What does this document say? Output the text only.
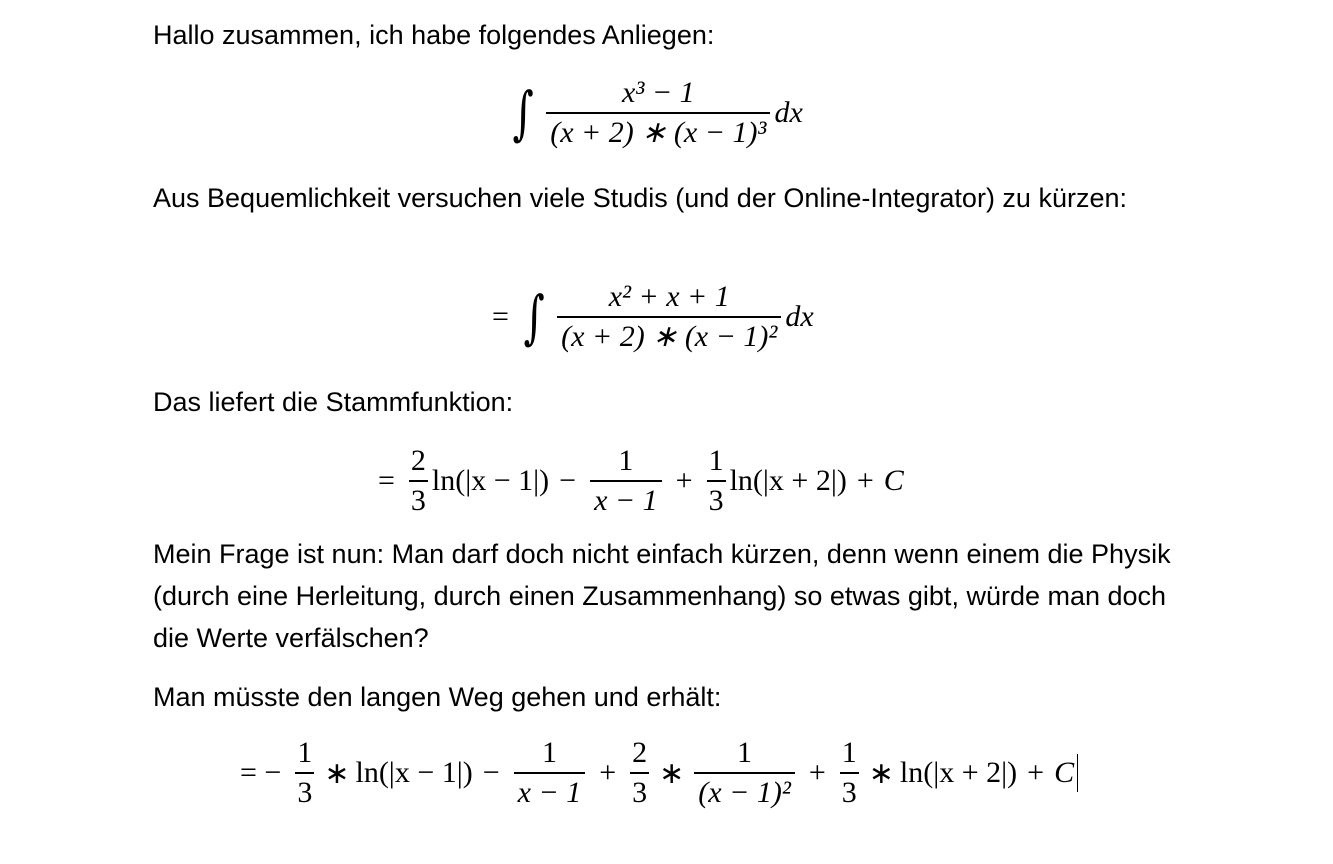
Hallo zusammen, ich habe folgendes Anliegen:
∫ $\frac{\text{x³ − 1}}{\text{(x + 2) ∗ (x − 1)³}}$ dx
Aus Bequemlichkeit versuchen viele Studis (und der Online-Integrator) zu kürzen:
= ∫ $\frac{\text{x² + x + 1}}{\text{(x + 2) ∗ (x − 1)²}}$ dx
Das liefert die Stammfunktion:
= $\frac{2}{3} \ln(|x - 1|) - \frac{1}{x - 1} + \frac{1}{3} \ln(|x + 2|) + C$
Mein Frage ist nun: Man darf doch nicht einfach kürzen, denn wenn einem die Physik (durch eine Herleitung, durch einen Zusammenhang) so etwas gibt, würde man doch die Werte verfälschen?
Man müsste den langen Weg gehen und erhält:
= − $\frac{1}{3}$ ∗ $\ln(|x - 1|) - \frac{1}{x - 1} + \frac{2}{3}$ ∗ $\frac{1}{\text{(x − 1)²}} + \frac{1}{3}$ ∗ ln(|x + 2|) + C
